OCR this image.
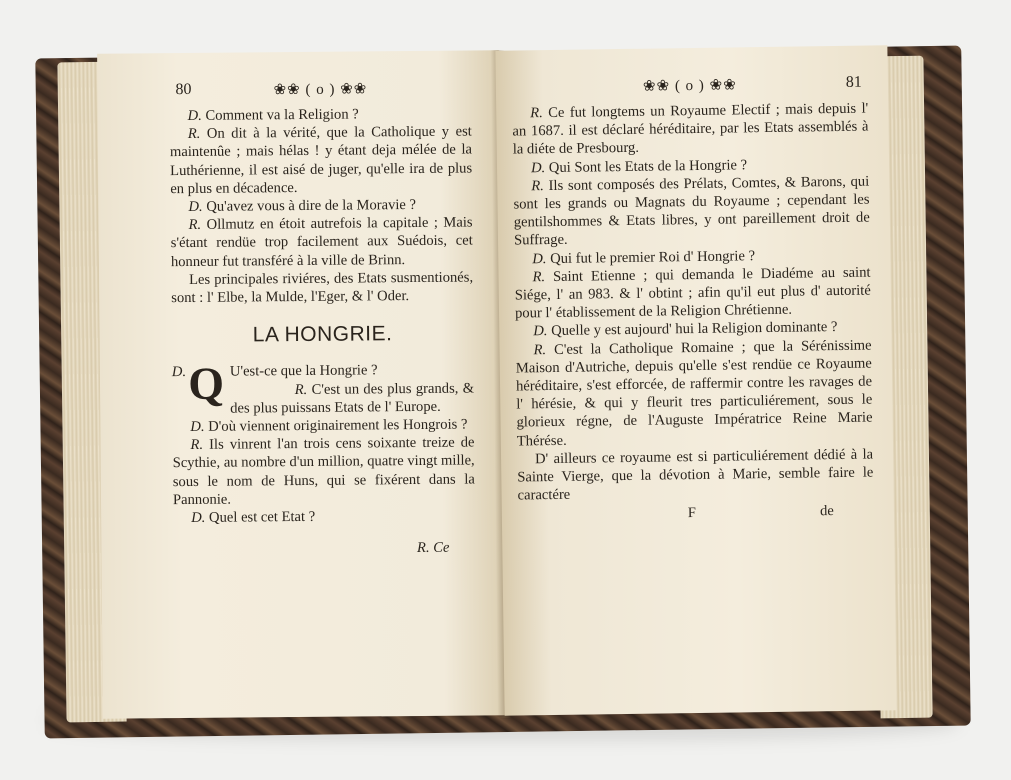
80	❀❀ ( o ) ❀❀

D. Comment va la Religion ?

R. On dit à la vérité, que la Catholique y est maintenûe ; mais hélas ! y étant deja mélée de la Luthérienne, il est aisé de juger, qu'elle ira de plus en plus en décadence.

D. Qu'avez vous à dire de la Moravie ?

R. Ollmutz en étoit autrefois la capitale ; Mais s'étant rendüe trop facilement aux Suédois, cet honneur fut transféré à la ville de Brinn.

Les principales riviéres, des Etats susmentionés, sont : l' Elbe, la Mulde, l'Eger, & l' Oder.

LA HONGRIE.

D. Q U'est-ce que la Hongrie ?
R. C'est un des plus grands, & des plus puissans Etats de l' Europe.

D. D'où viennent originairement les Hongrois ?

R. Ils vinrent l'an trois cens soixante treize de Scythie, au nombre d'un million, quatre vingt mille, sous le nom de Huns, qui se fixérent dans la Pannonie.

D. Quel est cet Etat ?

R. Ce
❀❀ ( o ) ❀❀	81

R. Ce fut longtems un Royaume Electif ; mais depuis l' an 1687. il est déclaré héréditaire, par les Etats assemblés à la diéte de Presbourg.

D. Qui Sont les Etats de la Hongrie ?

R. Ils sont composés des Prélats, Comtes, & Barons, qui sont les grands ou Magnats du Royaume ; cependant les gentilshommes & Etats libres, y ont pareillement droit de Suffrage.

D. Qui fut le premier Roi d' Hongrie ?

R. Saint Etienne ; qui demanda le Diadéme au saint Siége, l' an 983. & l' obtint ; afin qu'il eut plus d' autorité pour l' établissement de la Religion Chrétienne.

D. Quelle y est aujourd' hui la Religion dominante ?

R. C'est la Catholique Romaine ; que la Sérénissime Maison d'Autriche, depuis qu'elle s'est rendüe ce Royaume héréditaire, s'est efforcée, de raffermir contre les ravages de l' hérésie, & qui y fleurit tres particuliérement, sous le glorieux régne, de l'Auguste Impératrice Reine Marie Thérése.

D' ailleurs ce royaume est si particuliérement dédié à la Sainte Vierge, que la dévotion à Marie, semble faire le caractére

F	de
